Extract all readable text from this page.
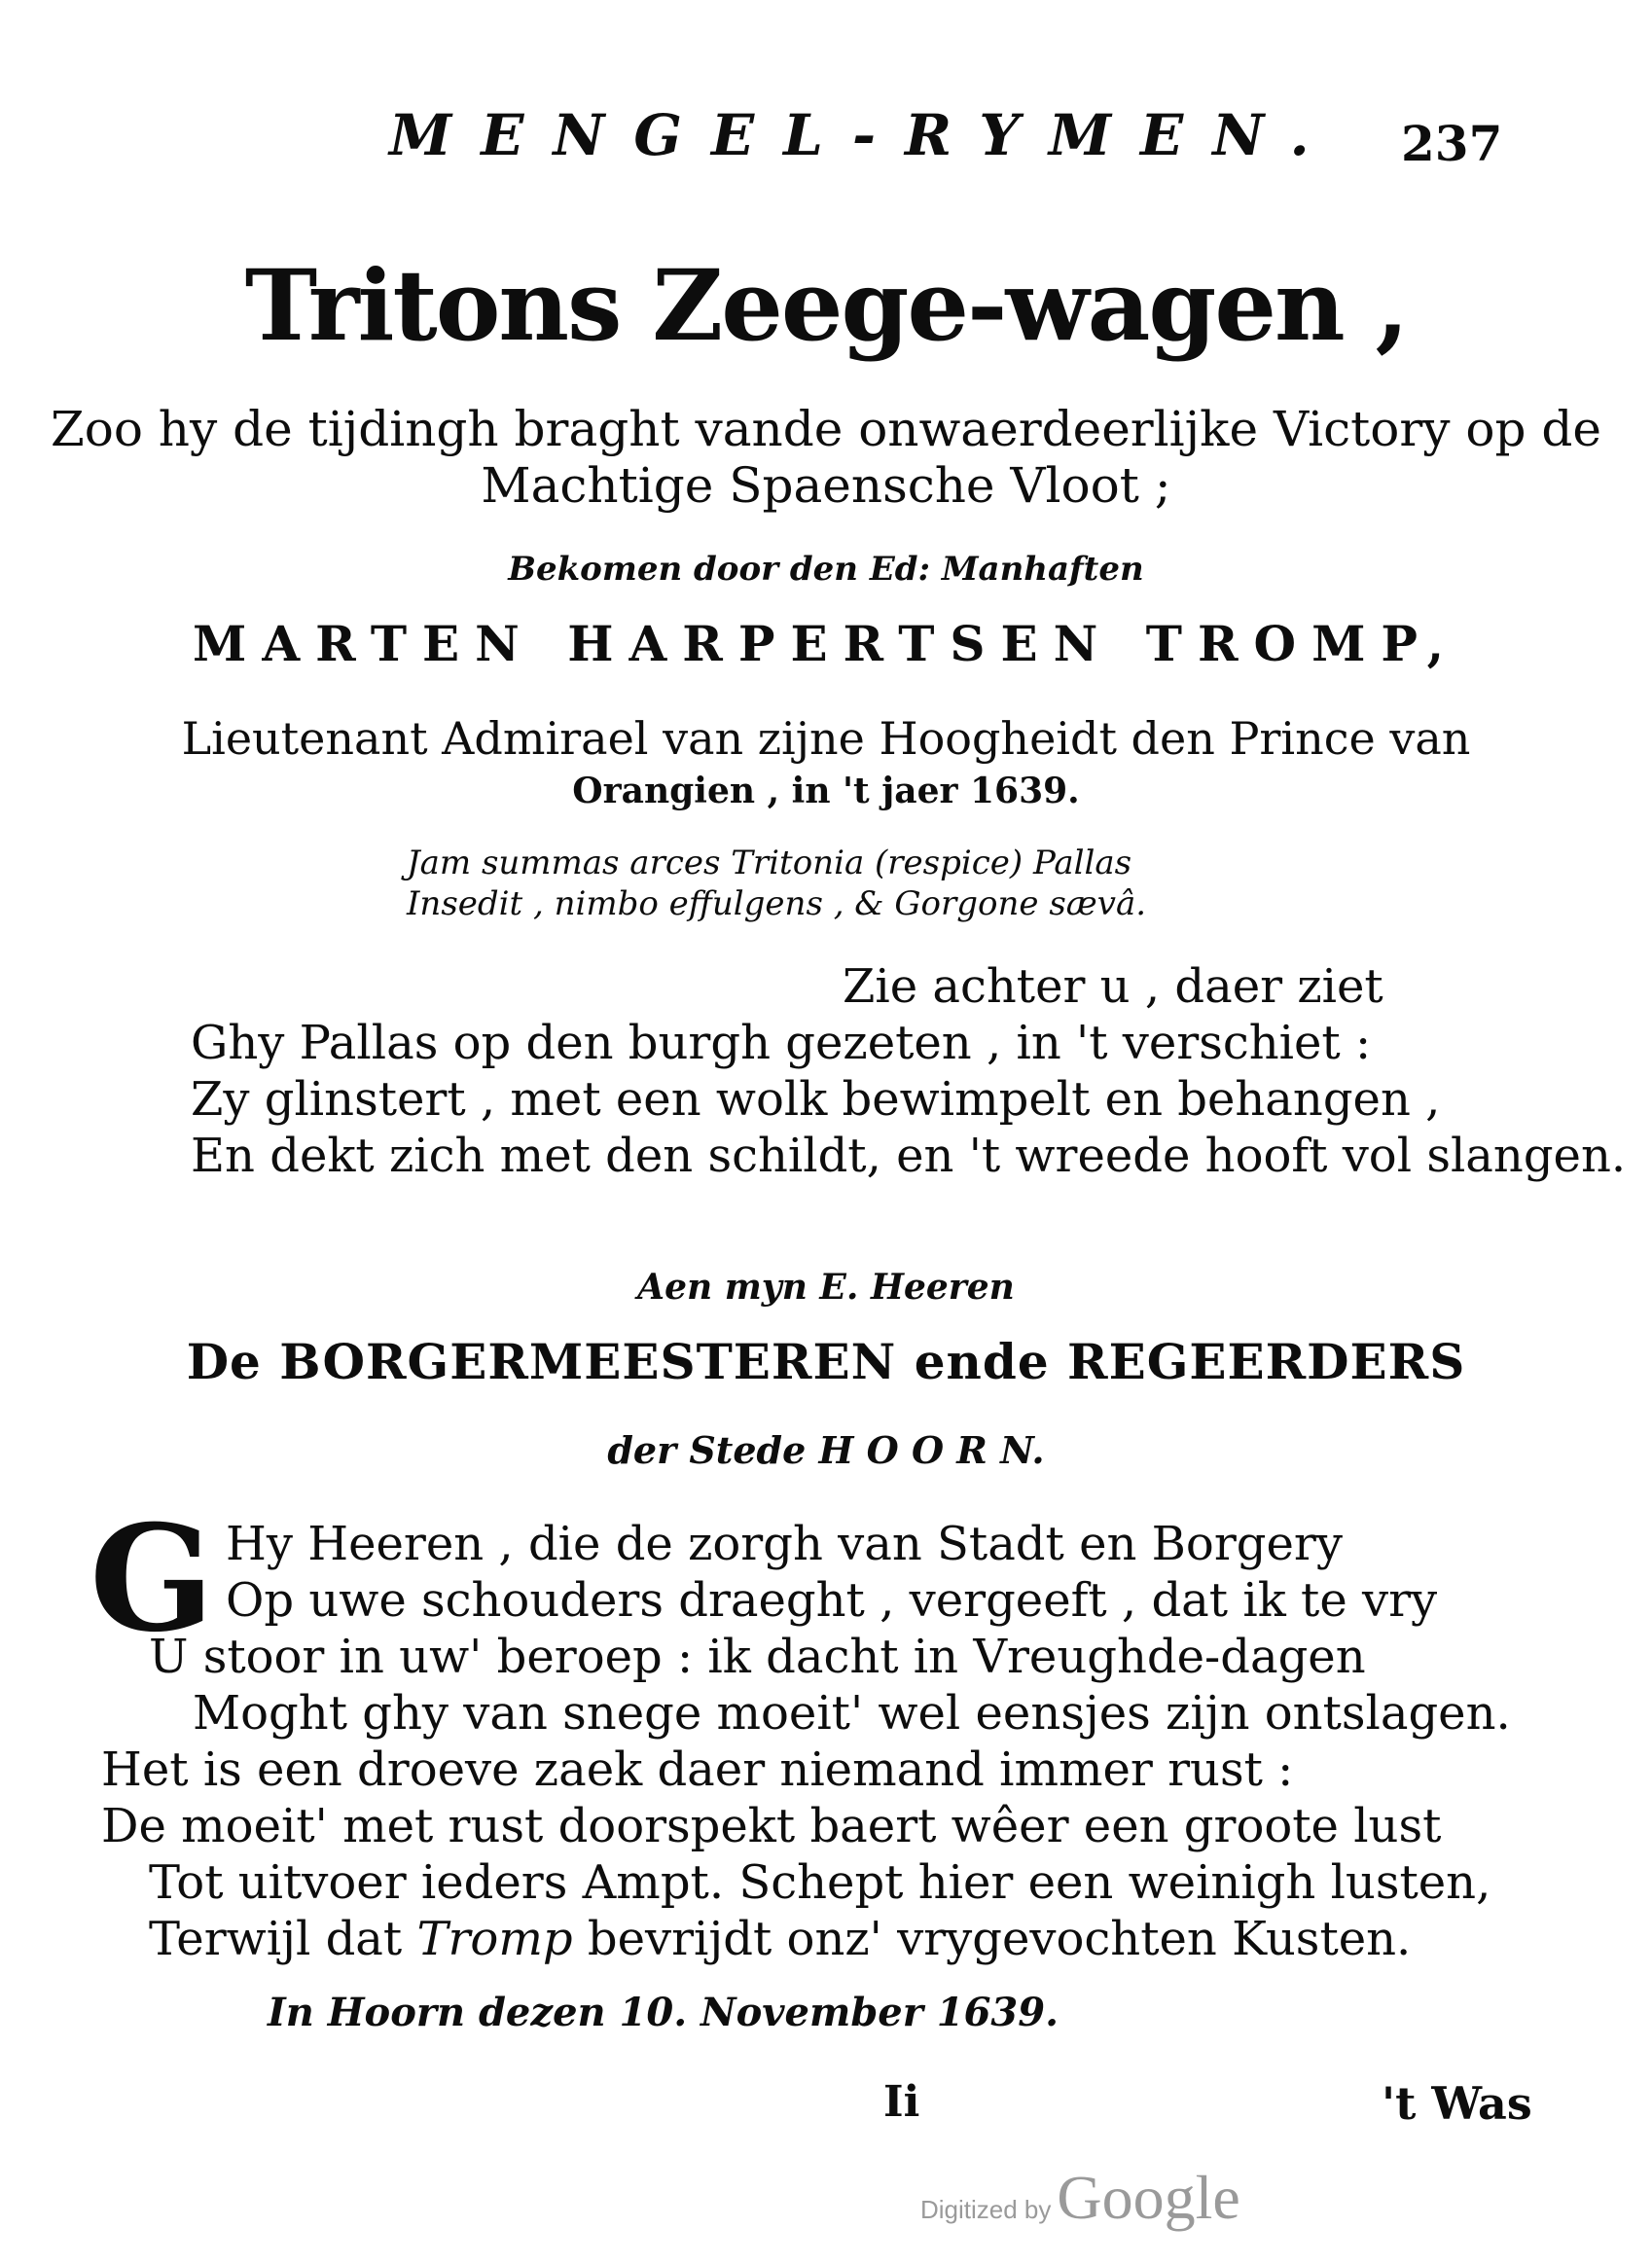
MENGEL-RYMEN. 237
Tritons Zeege-wagen ,
Zoo hy de tijdingh braght vande onwaerdeerlijke Victory op de
Machtige Spaensche Vloot ;
Bekomen door den Ed: Manhaften
MARTEN HARPERTSEN TROMP,
Lieutenant Admirael van zijne Hoogheidt den Prince van
Orangien , in 't jaer 1639.
Jam summas arces Tritonia (respice) Pallas
Insedit , nimbo effulgens , & Gorgone sævâ.
Zie achter u , daer ziet
Ghy Pallas op den burgh gezeten , in 't verschiet :
Zy glinstert , met een wolk bewimpelt en behangen ,
En dekt zich met den schildt, en 't wreede hooft vol slangen.
Aen myn E. Heeren
De BORGERMEESTEREN ende REGEERDERS
der Stede H O O R N.
G Hy Heeren , die de zorgh van Stadt en Borgery
Op uwe schouders draeght , vergeeft , dat ik te vry
U stoor in uw' beroep : ik dacht in Vreughde-dagen
Moght ghy van snege moeit' wel eensjes zijn ontslagen.
Het is een droeve zaek daer niemand immer rust :
De moeit' met rust doorspekt baert wêer een groote lust
Tot uitvoer ieders Ampt. Schept hier een weinigh lusten,
Terwijl dat Tromp bevrijdt onz' vrygevochten Kusten.
In Hoorn dezen 10. November 1639.
Ii	't Was
Digitized by Google
